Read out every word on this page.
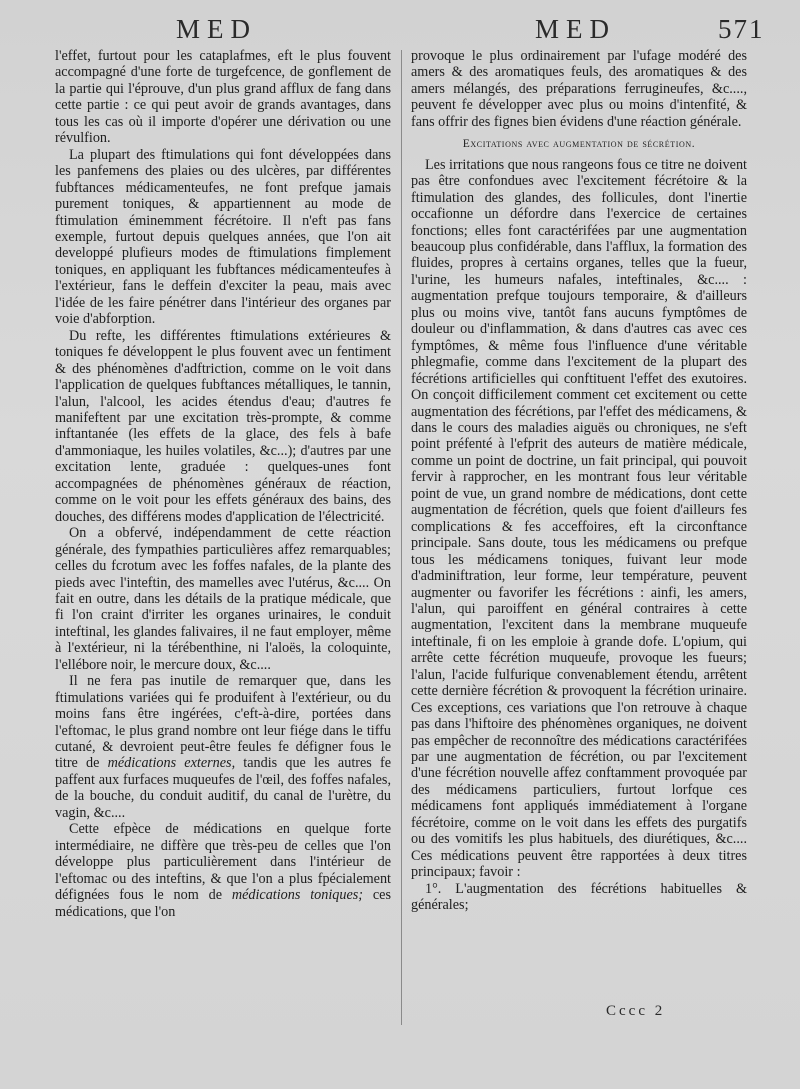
MED	MED	571

l'effet, furtout pour les cataplafmes, eft le plus fouvent accompagné d'une forte de turgefcence, de gonflement de la partie qui l'éprouve, d'un plus grand afflux de fang dans cette partie : ce qui peut avoir de grands avantages, dans tous les cas où il importe d'opérer une dérivation ou une révulfion.

La plupart des ftimulations qui font développées dans les panfemens des plaies ou des ulcères, par différentes fubftances médicamenteufes, ne font prefque jamais purement toniques, & appartiennent au mode de ftimulation éminemment fécrétoire. Il n'eft pas fans exemple, furtout depuis quelques années, que l'on ait developpé plufieurs modes de ftimulations fimplement toniques, en appliquant les fubftances médicamenteufes à l'extérieur, fans le deffein d'exciter la peau, mais avec l'idée de les faire pénétrer dans l'intérieur des organes par voie d'abforption.

Du refte, les différentes ftimulations extérieures & toniques fe développent le plus fouvent avec un fentiment & des phénomènes d'adftriction, comme on le voit dans l'application de quelques fubftances métalliques, le tannin, l'alun, l'alcool, les acides étendus d'eau; d'autres fe manifeftent par une excitation très-prompte, & comme inftantanée (les effets de la glace, des fels à bafe d'ammoniaque, les huiles volatiles, &c...); d'autres par une excitation lente, graduée : quelques-unes font accompagnées de phénomènes généraux de réaction, comme on le voit pour les effets généraux des bains, des douches, des différens modes d'application de l'électricité.

On a obfervé, indépendamment de cette réaction générale, des fympathies particulières affez remarquables; celles du fcrotum avec les foffes nafales, de la plante des pieds avec l'inteftin, des mamelles avec l'utérus, &c.... On fait en outre, dans les détails de la pratique médicale, que fi l'on craint d'irriter les organes urinaires, le conduit inteftinal, les glandes falivaires, il ne faut employer, même à l'extérieur, ni la térébenthine, ni l'aloës, la coloquinte, l'ellébore noir, le mercure doux, &c....

Il ne fera pas inutile de remarquer que, dans les ftimulations variées qui fe produifent à l'extérieur, ou du moins fans être ingérées, c'eft-à-dire, portées dans l'eftomac, le plus grand nombre ont leur fiége dans le tiffu cutané, & devroient peut-être feules fe défigner fous le titre de médications externes, tandis que les autres fe paffent aux furfaces muqueufes de l'œil, des foffes nafales, de la bouche, du conduit auditif, du canal de l'urètre, du vagin, &c....

Cette efpèce de médications en quelque forte intermédiaire, ne diffère que très-peu de celles que l'on développe plus particulièrement dans l'intérieur de l'eftomac ou des inteftins, & que l'on a plus fpécialement défignées fous le nom de médications toniques; ces médications, que l'on

provoque le plus ordinairement par l'ufage modéré des amers & des aromatiques feuls, des aromatiques & des amers mélangés, des préparations ferrugineufes, &c...., peuvent fe développer avec plus ou moins d'intenfité, & fans offrir des fignes bien évidens d'une réaction générale.

Excitations avec augmentation de sécrétion.

Les irritations que nous rangeons fous ce titre ne doivent pas être confondues avec l'excitement fécrétoire & la ftimulation des glandes, des follicules, dont l'inertie occafionne un défordre dans l'exercice de certaines fonctions; elles font caractérifées par une augmentation beaucoup plus confidérable, dans l'afflux, la formation des fluides, propres à certains organes, telles que la fueur, l'urine, les humeurs nafales, inteftinales, &c.... : augmentation prefque toujours temporaire, & d'ailleurs plus ou moins vive, tantôt fans aucuns fymptômes de douleur ou d'inflammation, & dans d'autres cas avec ces fymptômes, & même fous l'influence d'une véritable phlegmafie, comme dans l'excitement de la plupart des fécrétions artificielles qui conftituent l'effet des exutoires. On conçoit difficilement comment cet excitement ou cette augmentation des fécrétions, par l'effet des médicamens, & dans le cours des maladies aiguës ou chroniques, ne s'eft point préfenté à l'efprit des auteurs de matière médicale, comme un point de doctrine, un fait principal, qui pouvoit fervir à rapprocher, en les montrant fous leur véritable point de vue, un grand nombre de médications, dont cette augmentation de fécrétion, quels que foient d'ailleurs fes complications & fes acceffoires, eft la circonftance principale. Sans doute, tous les médicamens ou prefque tous les médicamens toniques, fuivant leur mode d'adminiftration, leur forme, leur température, peuvent augmenter ou favorifer les fécrétions : ainfi, les amers, l'alun, qui paroiffent en général contraires à cette augmentation, l'excitent dans la membrane muqueufe inteftinale, fi on les emploie à grande dofe. L'opium, qui arrête cette fécrétion muqueufe, provoque les fueurs; l'alun, l'acide fulfurique convenablement étendu, arrêtent cette dernière fécrétion & provoquent la fécrétion urinaire. Ces exceptions, ces variations que l'on retrouve à chaque pas dans l'hiftoire des phénomènes organiques, ne doivent pas empêcher de reconnoître des médications caractérifées par une augmentation de fécrétion, ou par l'excitement d'une fécrétion nouvelle affez conftamment provoquée par des médicamens particuliers, furtout lorfque ces médicamens font appliqués immédiatement à l'organe fécrétoire, comme on le voit dans les effets des purgatifs ou des vomitifs les plus habituels, des diurétiques, &c.... Ces médications peuvent être rapportées à deux titres principaux; favoir :

1°. L'augmentation des fécrétions habituelles & générales;

Cccc 2
